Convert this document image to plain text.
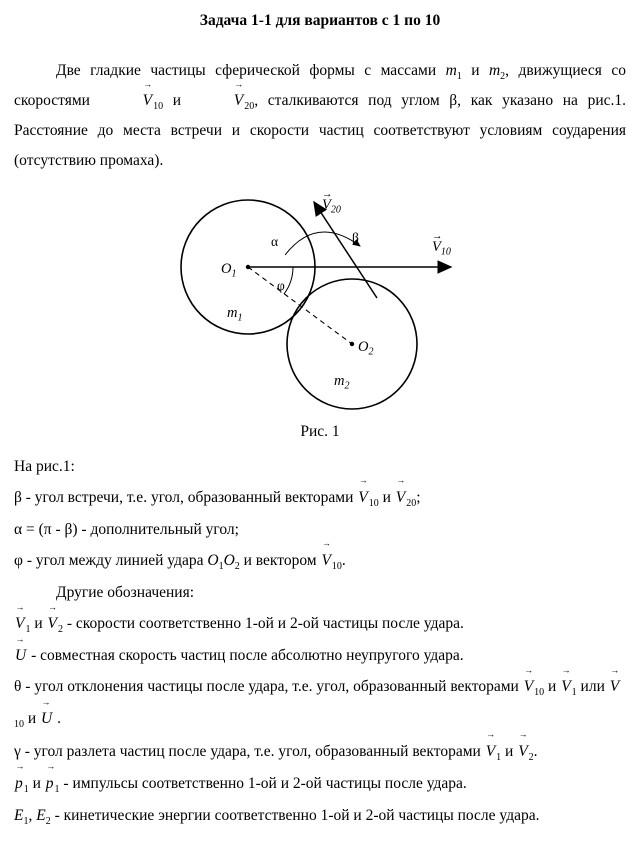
Задача 1-1 для вариантов с 1 по 10

Две гладкие частицы сферической формы с массами $m_1$ и $m_2$, движущиеся со скоростями
→
$V_{10}$ и
→
$V_{20}$, сталкиваются под углом β, как указано на рис.1. Расстояние до места встречи и скорости частиц соответствуют условиям соударения (отсутствию промаха).

$O_1$
$O_2$
$m_1$
$m_2$
→
$V_{10}$
→
$V_{20}$
α	β
φ
Рис. 1

На рис.1:

β - угол встречи, т.е. угол, образованный векторами
→
$V_{10}$ и
→
$V_{20}$;

α = (π - β) - дополнительный угол;

φ - угол между линией удара $O_1O_2$ и вектором
→
$V_{10}$.

Другие обозначения:

→
$V_1$ и
→
$V_2$ - скорости соответственно 1-ой и 2-ой частицы после удара.

→
U - совместная скорость частиц после абсолютно неупругого удара.

θ - угол отклонения частицы после удара, т.е. угол, образованный векторами
→
$V_{10}$ и
→
$V_1$ или
→
$V_{10}$ и
→
U .

γ - угол разлета частиц после удара, т.е. угол, образованный векторами
→
$V_1$ и
→
$V_2$.

→
$p_1$ и
→
$p_1$ - импульсы соответственно 1-ой и 2-ой частицы после удара.

$E_1$, $E_2$ - кинетические энергии соответственно 1-ой и 2-ой частицы после удара.
